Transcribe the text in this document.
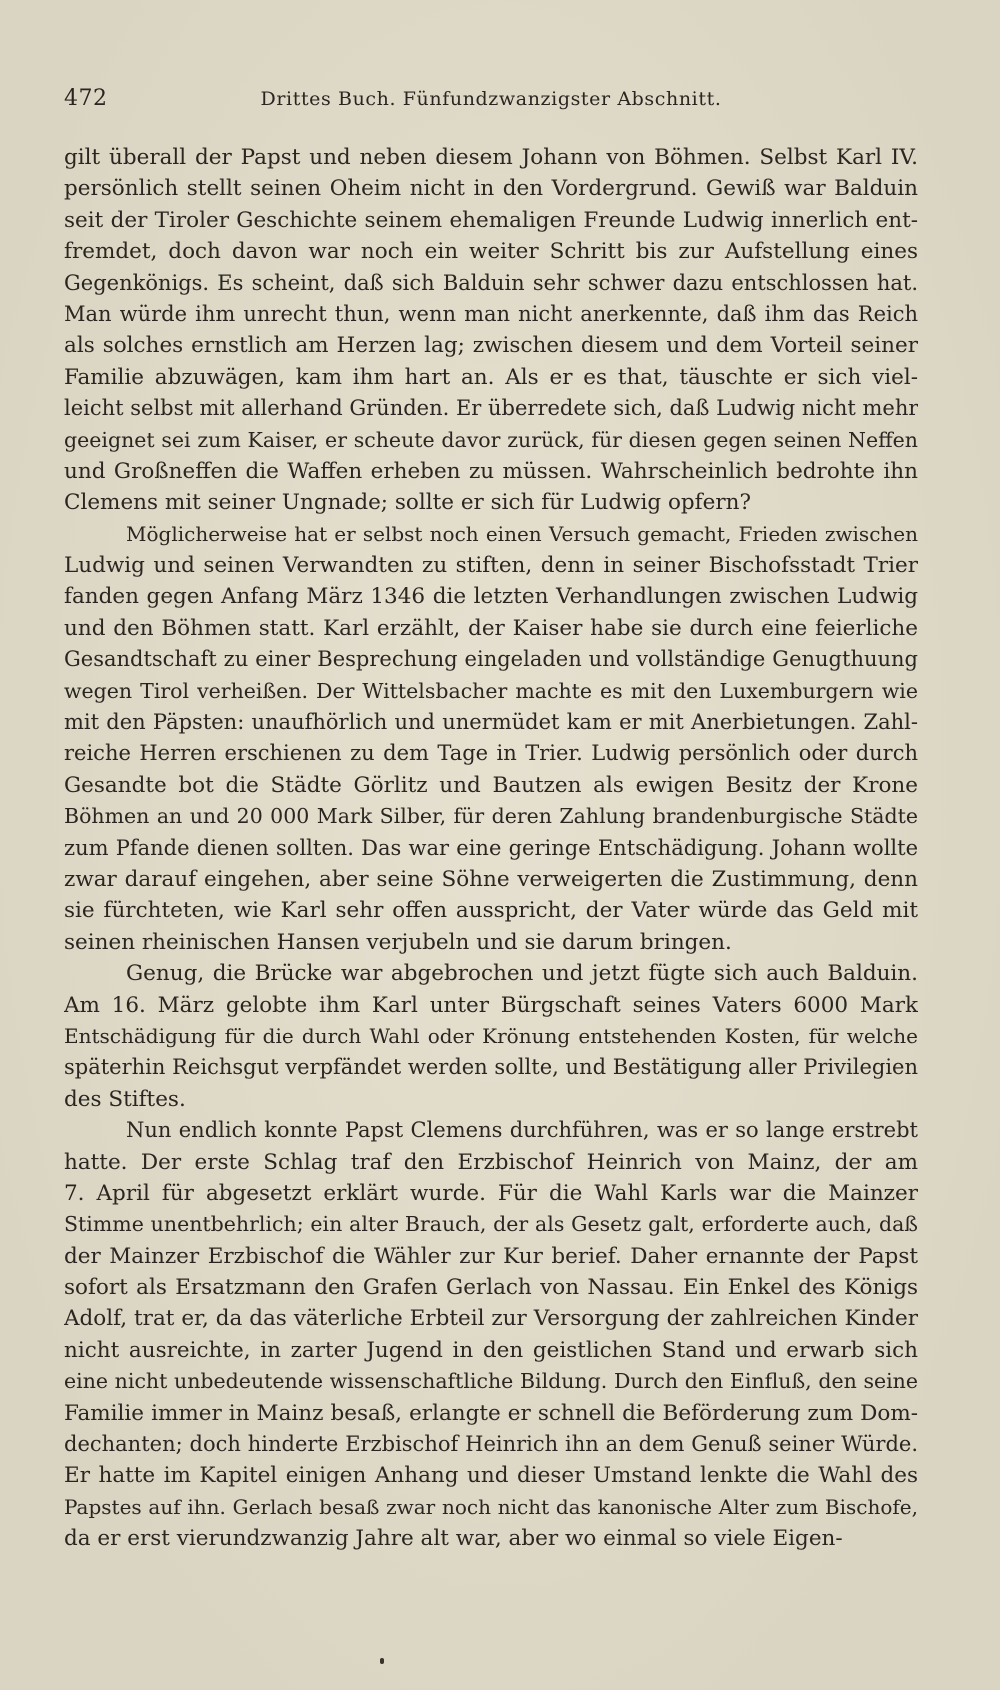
472	Drittes Buch. Fünfundzwanzigster Abschnitt.
gilt überall der Papst und neben diesem Johann von Böhmen. Selbst Karl IV.
persönlich stellt seinen Oheim nicht in den Vordergrund. Gewiß war Balduin
seit der Tiroler Geschichte seinem ehemaligen Freunde Ludwig innerlich ent-
fremdet, doch davon war noch ein weiter Schritt bis zur Aufstellung eines
Gegenkönigs. Es scheint, daß sich Balduin sehr schwer dazu entschlossen hat.
Man würde ihm unrecht thun, wenn man nicht anerkennte, daß ihm das Reich
als solches ernstlich am Herzen lag; zwischen diesem und dem Vorteil seiner
Familie abzuwägen, kam ihm hart an. Als er es that, täuschte er sich viel-
leicht selbst mit allerhand Gründen. Er überredete sich, daß Ludwig nicht mehr
geeignet sei zum Kaiser, er scheute davor zurück, für diesen gegen seinen Neffen
und Großneffen die Waffen erheben zu müssen. Wahrscheinlich bedrohte ihn
Clemens mit seiner Ungnade; sollte er sich für Ludwig opfern?
Möglicherweise hat er selbst noch einen Versuch gemacht, Frieden zwischen
Ludwig und seinen Verwandten zu stiften, denn in seiner Bischofsstadt Trier
fanden gegen Anfang März 1346 die letzten Verhandlungen zwischen Ludwig
und den Böhmen statt. Karl erzählt, der Kaiser habe sie durch eine feierliche
Gesandtschaft zu einer Besprechung eingeladen und vollständige Genugthuung
wegen Tirol verheißen. Der Wittelsbacher machte es mit den Luxemburgern wie
mit den Päpsten: unaufhörlich und unermüdet kam er mit Anerbietungen. Zahl-
reiche Herren erschienen zu dem Tage in Trier. Ludwig persönlich oder durch
Gesandte bot die Städte Görlitz und Bautzen als ewigen Besitz der Krone
Böhmen an und 20 000 Mark Silber, für deren Zahlung brandenburgische Städte
zum Pfande dienen sollten. Das war eine geringe Entschädigung. Johann wollte
zwar darauf eingehen, aber seine Söhne verweigerten die Zustimmung, denn
sie fürchteten, wie Karl sehr offen ausspricht, der Vater würde das Geld mit
seinen rheinischen Hansen verjubeln und sie darum bringen.
Genug, die Brücke war abgebrochen und jetzt fügte sich auch Balduin.
Am 16. März gelobte ihm Karl unter Bürgschaft seines Vaters 6000 Mark
Entschädigung für die durch Wahl oder Krönung entstehenden Kosten, für welche
späterhin Reichsgut verpfändet werden sollte, und Bestätigung aller Privilegien
des Stiftes.
Nun endlich konnte Papst Clemens durchführen, was er so lange erstrebt
hatte. Der erste Schlag traf den Erzbischof Heinrich von Mainz, der am
7. April für abgesetzt erklärt wurde. Für die Wahl Karls war die Mainzer
Stimme unentbehrlich; ein alter Brauch, der als Gesetz galt, erforderte auch, daß
der Mainzer Erzbischof die Wähler zur Kur berief. Daher ernannte der Papst
sofort als Ersatzmann den Grafen Gerlach von Nassau. Ein Enkel des Königs
Adolf, trat er, da das väterliche Erbteil zur Versorgung der zahlreichen Kinder
nicht ausreichte, in zarter Jugend in den geistlichen Stand und erwarb sich
eine nicht unbedeutende wissenschaftliche Bildung. Durch den Einfluß, den seine
Familie immer in Mainz besaß, erlangte er schnell die Beförderung zum Dom-
dechanten; doch hinderte Erzbischof Heinrich ihn an dem Genuß seiner Würde.
Er hatte im Kapitel einigen Anhang und dieser Umstand lenkte die Wahl des
Papstes auf ihn. Gerlach besaß zwar noch nicht das kanonische Alter zum Bischofe,
da er erst vierundzwanzig Jahre alt war, aber wo einmal so viele Eigen-
